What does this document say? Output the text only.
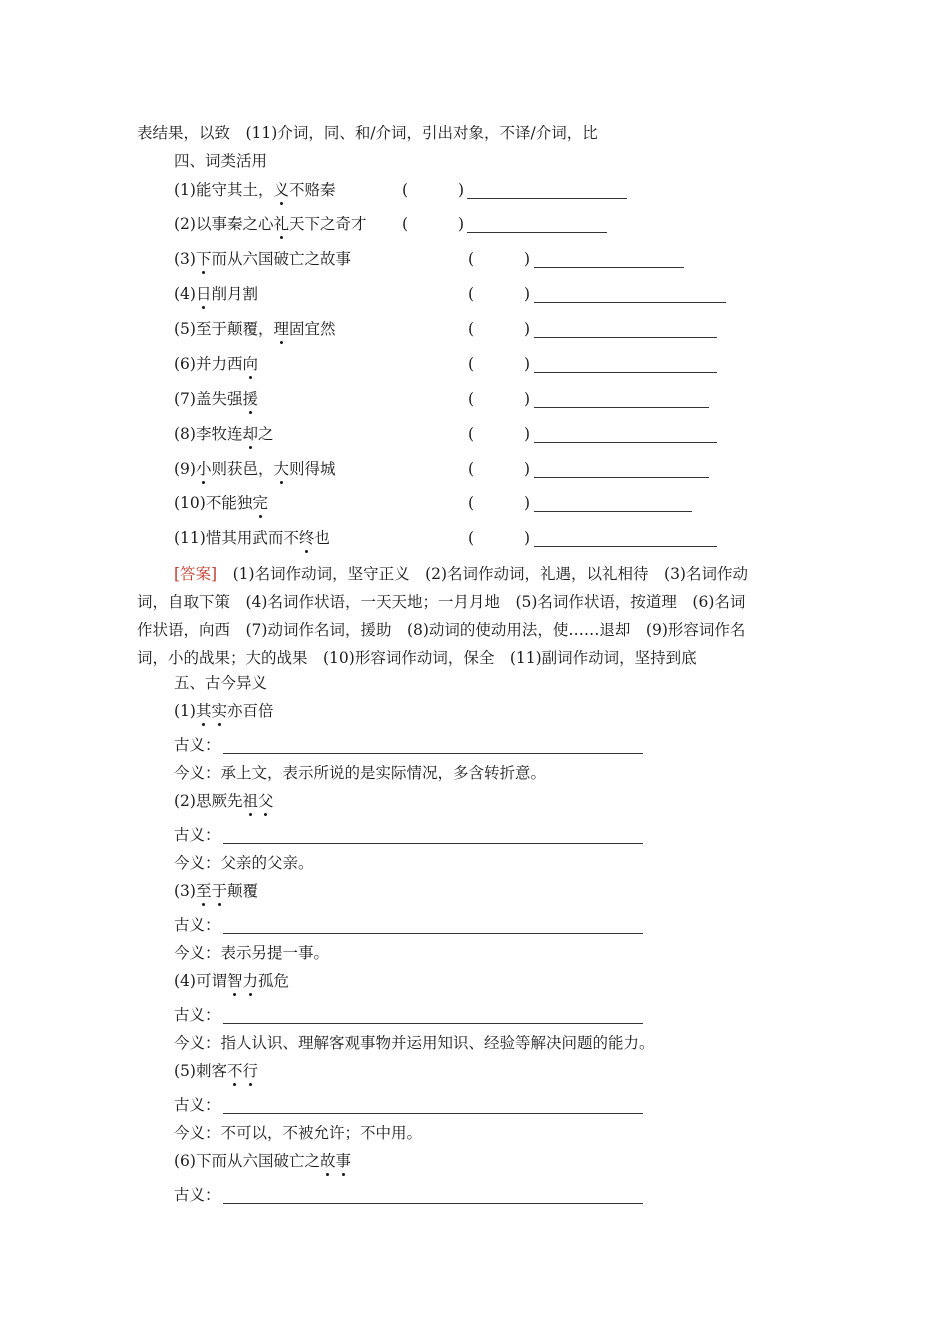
表结果，以致　(11)介词，同、和/介词，引出对象，不译/介词，比
四、词类活用
(1)能守其土，义不赂秦	(	)
(2)以事秦之心礼天下之奇才 (	)
(3)下而从六国破亡之故事	(	)
(4)日削月割	(	)
(5)至于颠覆，理固宜然	(	)
(6)并力西向	(	)
(7)盖失强援	(	)
(8)李牧连却之	(	)
(9)小则获邑，大则得城	(	)
(10)不能独完	(	)
(11)惜其用武而不终也	(	)

[答案]　(1)名词作动词，坚守正义　(2)名词作动词，礼遇，以礼相待　(3)名词作动

词，自取下策　(4)名词作状语，一天天地；一月月地　(5)名词作状语，按道理　(6)名词

作状语，向西　(7)动词作名词，援助　(8)动词的使动用法，使……退却　(9)形容词作名

词，小的战果；大的战果　(10)形容词作动词，保全　(11)副词作动词，坚持到底

五、古今异义
(1)其实亦百倍
古义：
今义：承上文，表示所说的是实际情况，多含转折意。
(2)思厥先祖父
古义：
今义：父亲的父亲。
(3)至于颠覆
古义：
今义：表示另提一事。
(4)可谓智力孤危
古义：
今义：指人认识、理解客观事物并运用知识、经验等解决问题的能力。
(5)刺客不行
古义：
今义：不可以，不被允许；不中用。
(6)下而从六国破亡之故事
古义：
